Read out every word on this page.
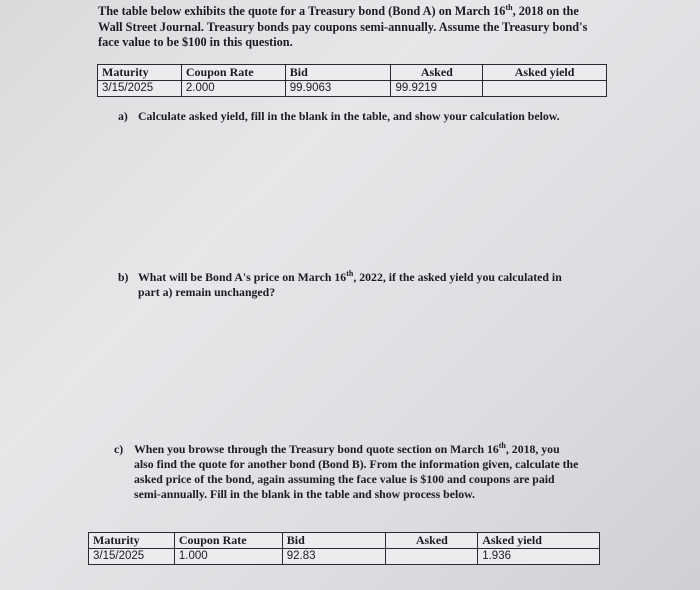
The table below exhibits the quote for a Treasury bond (Bond A) on March 16th, 2018 on the
Wall Street Journal. Treasury bonds pay coupons semi-annually. Assume the Treasury bond's
face value to be $100 in this question.
Maturity	Coupon Rate	Bid	Asked	Asked yield
3/15/2025	2.000	99.9063	99.9219	
a) Calculate asked yield, fill in the blank in the table, and show your calculation below.
b) What will be Bond A's price on March 16th, 2022, if the asked yield you calculated in
part a) remain unchanged?
c) When you browse through the Treasury bond quote section on March 16th, 2018, you
also find the quote for another bond (Bond B). From the information given, calculate the
asked price of the bond, again assuming the face value is $100 and coupons are paid
semi-annually. Fill in the blank in the table and show process below.
Maturity	Coupon Rate	Bid	Asked	Asked yield
3/15/2025	1.000	92.83		1.936
